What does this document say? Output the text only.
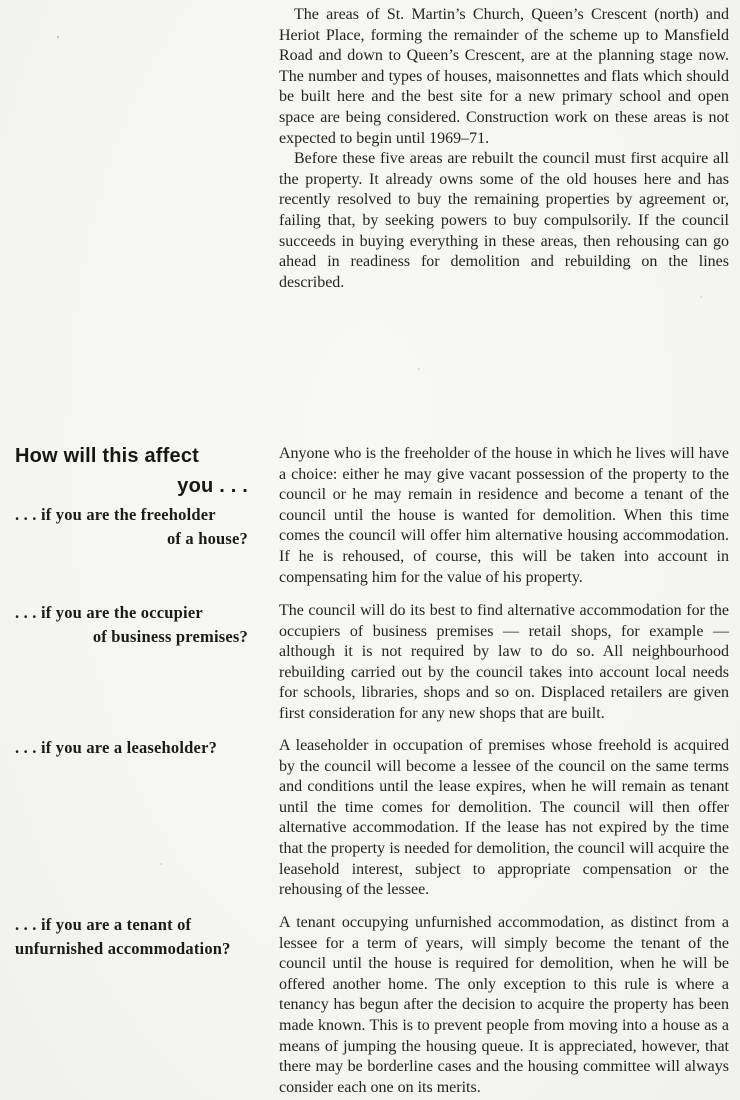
The areas of St. Martin’s Church, Queen’s Crescent (north) and Heriot Place, forming the remainder of the scheme up to Mansfield Road and down to Queen’s Crescent, are at the planning stage now. The number and types of houses, maisonnettes and flats which should be built here and the best site for a new primary school and open space are being considered. Construction work on these areas is not expected to begin until 1969–71.

Before these five areas are rebuilt the council must first acquire all the property. It already owns some of the old houses here and has recently resolved to buy the remaining properties by agreement or, failing that, by seeking powers to buy compulsorily. If the council succeeds in buying everything in these areas, then rehousing can go ahead in readiness for demolition and rebuilding on the lines described.

How will this affect
you . . .
. . . if you are the freeholder
of a house?

Anyone who is the freeholder of the house in which he lives will have a choice: either he may give vacant possession of the property to the council or he may remain in residence and become a tenant of the council until the house is wanted for demolition. When this time comes the council will offer him alternative housing accommodation. If he is rehoused, of course, this will be taken into account in compensating him for the value of his property.

. . . if you are the occupier
of business premises?

The council will do its best to find alternative accommodation for the occupiers of business premises — retail shops, for example — although it is not required by law to do so. All neighbourhood rebuilding carried out by the council takes into account local needs for schools, libraries, shops and so on. Displaced retailers are given first consideration for any new shops that are built.

. . . if you are a leaseholder?	A leaseholder in occupation of premises whose freehold is acquired by the council will become a lessee of the council on the same terms and conditions until the lease expires, when he will remain as tenant until the time comes for demolition. The council will then offer alternative accommodation. If the lease has not expired by the time that the property is needed for demolition, the council will acquire the leasehold interest, subject to appropriate compensation or the rehousing of the lessee.

. . . if you are a tenant of
unfurnished accommodation?

A tenant occupying unfurnished accommodation, as distinct from a lessee for a term of years, will simply become the tenant of the council until the house is required for demolition, when he will be offered another home. The only exception to this rule is where a tenancy has begun after the decision to acquire the property has been made known. This is to prevent people from moving into a house as a means of jumping the housing queue. It is appreciated, however, that there may be borderline cases and the housing committee will always consider each one on its merits.
